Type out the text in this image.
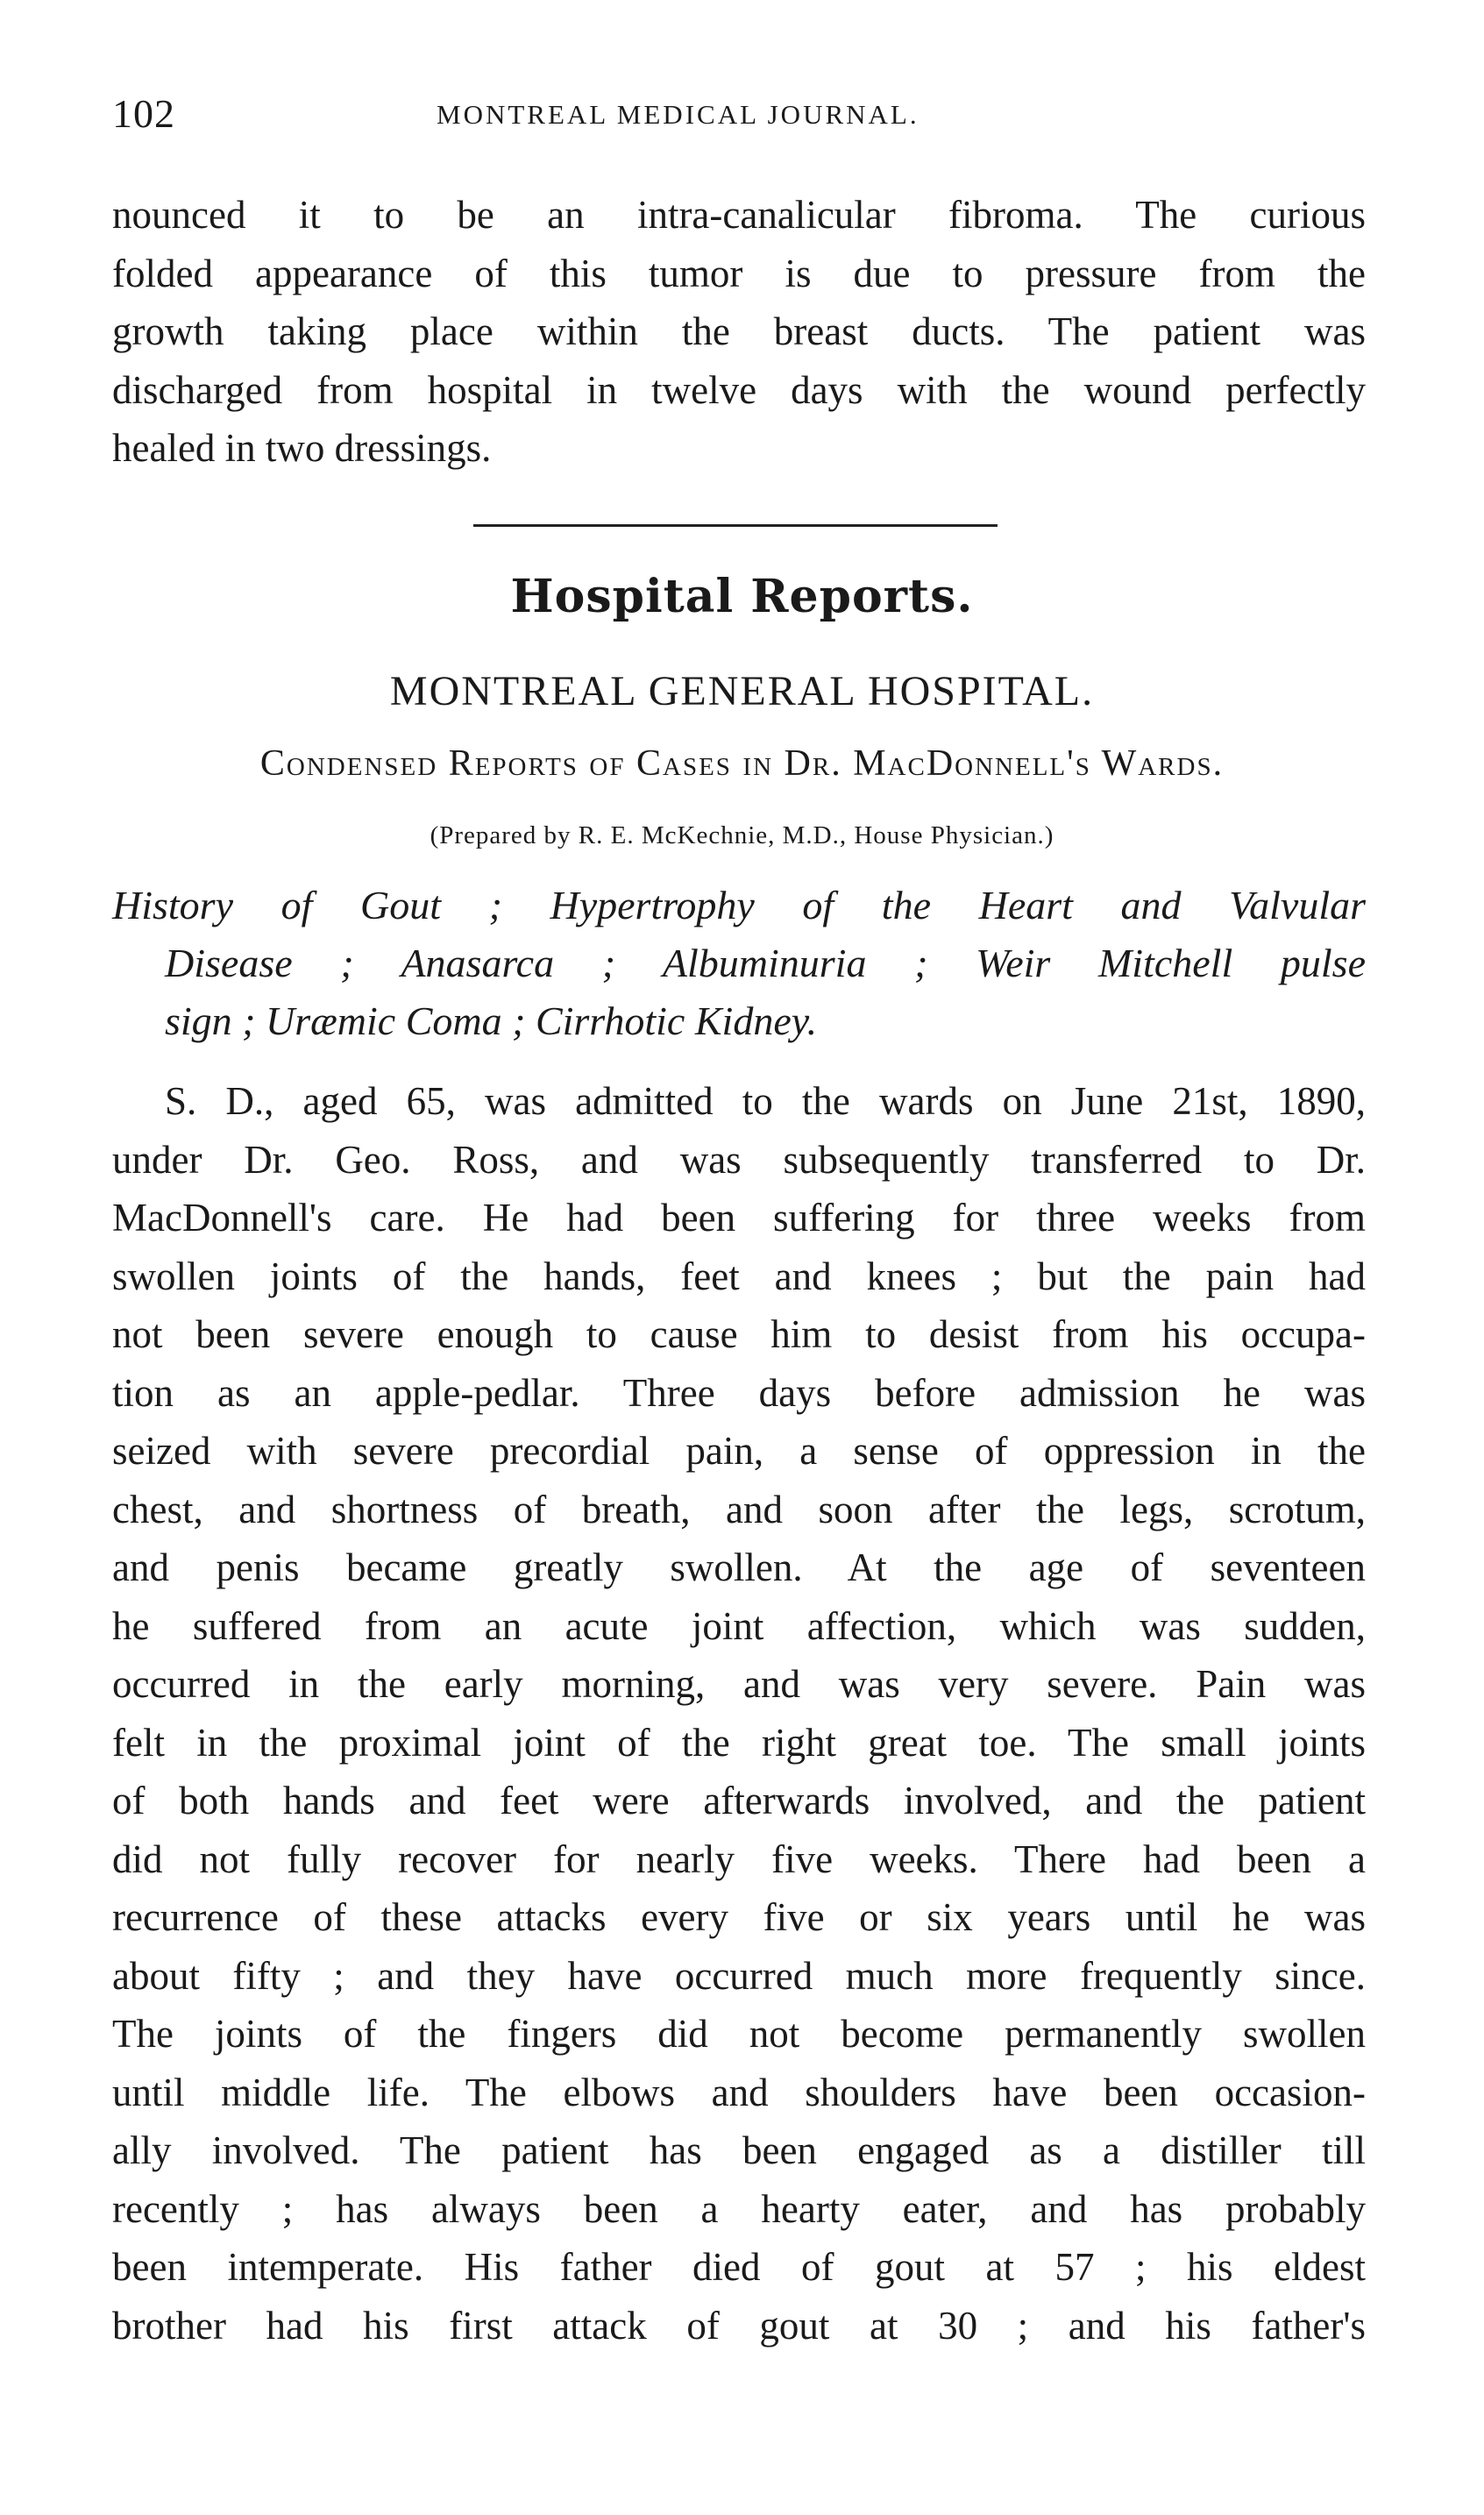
102	MONTREAL MEDICAL JOURNAL.
nounced it to be an intra-canalicular fibroma. The curious
folded appearance of this tumor is due to pressure from the
growth taking place within the breast ducts. The patient was
discharged from hospital in twelve days with the wound perfectly
healed in two dressings.
Hospital Reports.
MONTREAL GENERAL HOSPITAL.
Condensed Reports of Cases in Dr. MacDonnell's Wards.
(Prepared by R. E. McKechnie, M.D., House Physician.)
History of Gout ; Hypertrophy of the Heart and Valvular
Disease ; Anasarca ; Albuminuria ; Weir Mitchell pulse
sign ; Uræmic Coma ; Cirrhotic Kidney.
S. D., aged 65, was admitted to the wards on June 21st, 1890,
under Dr. Geo. Ross, and was subsequently transferred to Dr.
MacDonnell's care. He had been suffering for three weeks from
swollen joints of the hands, feet and knees ; but the pain had
not been severe enough to cause him to desist from his occupa-
tion as an apple-pedlar. Three days before admission he was
seized with severe precordial pain, a sense of oppression in the
chest, and shortness of breath, and soon after the legs, scrotum,
and penis became greatly swollen. At the age of seventeen
he suffered from an acute joint affection, which was sudden,
occurred in the early morning, and was very severe. Pain was
felt in the proximal joint of the right great toe. The small joints
of both hands and feet were afterwards involved, and the patient
did not fully recover for nearly five weeks. There had been a
recurrence of these attacks every five or six years until he was
about fifty ; and they have occurred much more frequently since.
The joints of the fingers did not become permanently swollen
until middle life. The elbows and shoulders have been occasion-
ally involved. The patient has been engaged as a distiller till
recently ; has always been a hearty eater, and has probably
been intemperate. His father died of gout at 57 ; his eldest
brother had his first attack of gout at 30 ; and his father's
